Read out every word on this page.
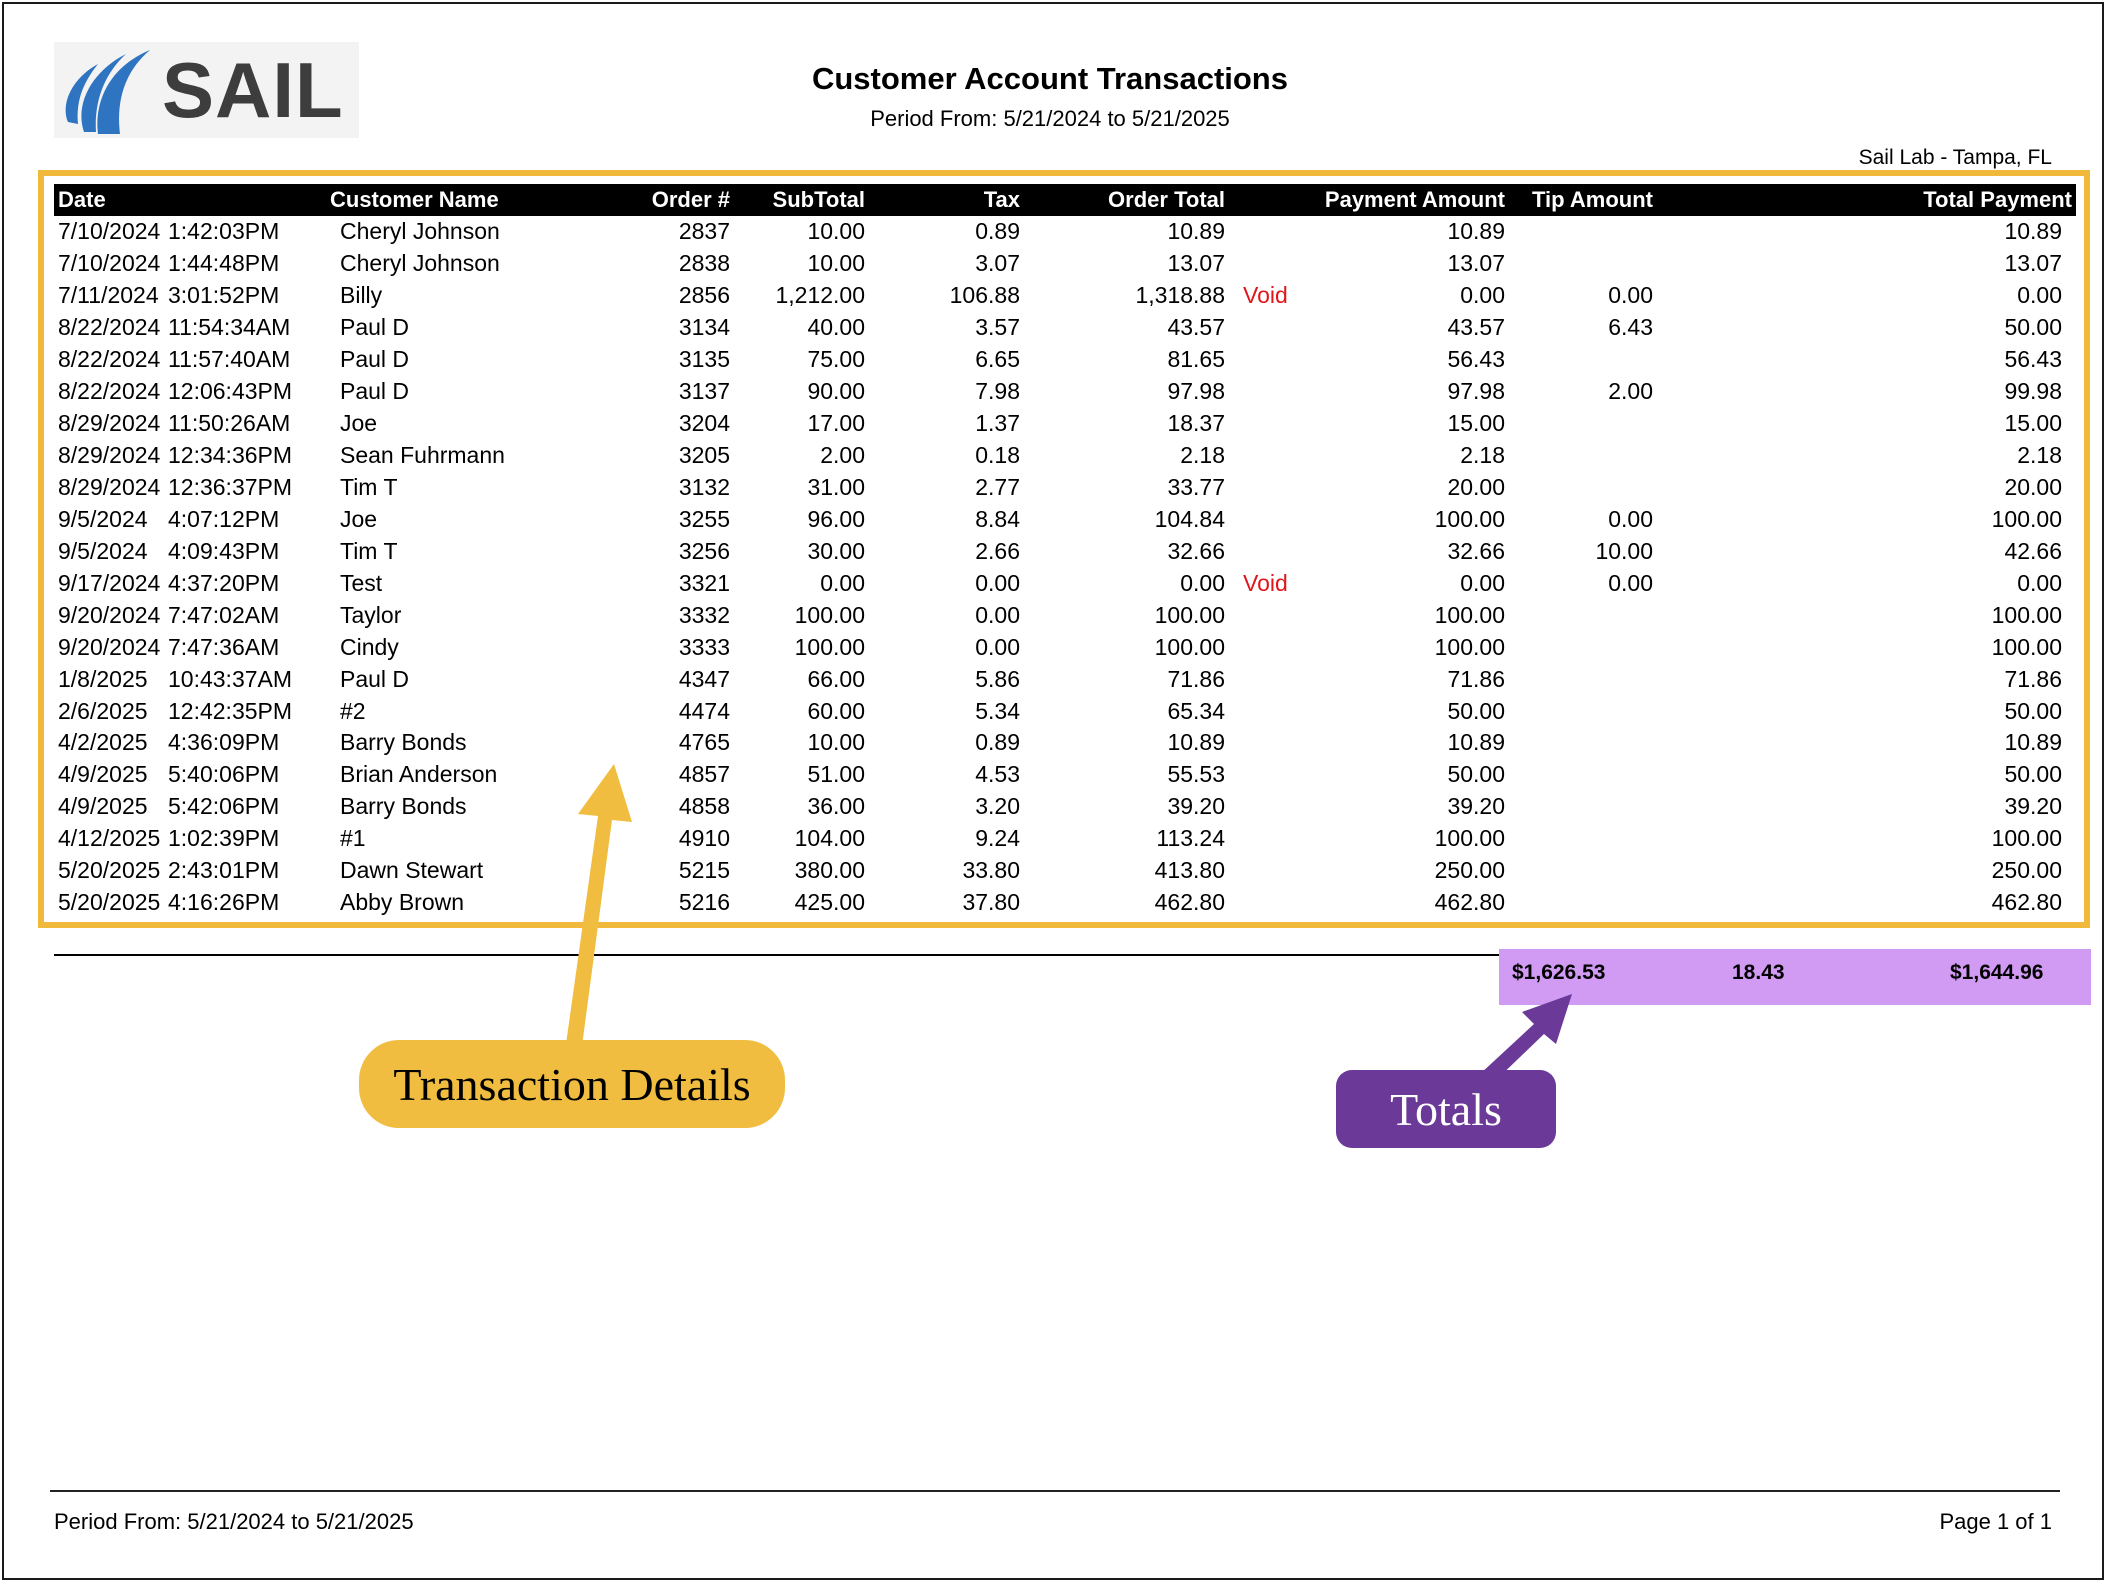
SAIL	Customer Account Transactions
Period From: 5/21/2024 to 5/21/2025
Sail Lab - Tampa, FL
Date		Customer Name	Order #	SubTotal	Tax	Order Total	Payment Amount		Tip Amount	Total Payment	
7/10/2024	1:42:03PM	Cheryl Johnson	2837	10.00	0.89	10.89		10.89			10.89
7/10/2024	1:44:48PM	Cheryl Johnson	2838	10.00	3.07	13.07		13.07			13.07
7/11/2024	3:01:52PM	Billy	2856	1,212.00	106.88	1,318.88	Void	0.00	0.00		0.00
8/22/2024	11:54:34AM	Paul D	3134	40.00	3.57	43.57		43.57	6.43		50.00
8/22/2024	11:57:40AM	Paul D	3135	75.00	6.65	81.65		56.43			56.43
8/22/2024	12:06:43PM	Paul D	3137	90.00	7.98	97.98		97.98	2.00		99.98
8/29/2024	11:50:26AM	Joe	3204	17.00	1.37	18.37		15.00			15.00
8/29/2024	12:34:36PM	Sean Fuhrmann	3205	2.00	0.18	2.18		2.18			2.18
8/29/2024	12:36:37PM	Tim T	3132	31.00	2.77	33.77		20.00			20.00
9/5/2024	4:07:12PM	Joe	3255	96.00	8.84	104.84		100.00	0.00		100.00
9/5/2024	4:09:43PM	Tim T	3256	30.00	2.66	32.66		32.66	10.00		42.66
9/17/2024	4:37:20PM	Test	3321	0.00	0.00	0.00	Void	0.00	0.00		0.00
9/20/2024	7:47:02AM	Taylor	3332	100.00	0.00	100.00		100.00			100.00
9/20/2024	7:47:36AM	Cindy	3333	100.00	0.00	100.00		100.00			100.00
1/8/2025	10:43:37AM	Paul D	4347	66.00	5.86	71.86		71.86			71.86
2/6/2025	12:42:35PM	#2	4474	60.00	5.34	65.34		50.00			50.00
4/2/2025	4:36:09PM	Barry Bonds	4765	10.00	0.89	10.89		10.89			10.89
4/9/2025	5:40:06PM	Brian Anderson	4857	51.00	4.53	55.53		50.00			50.00
4/9/2025	5:42:06PM	Barry Bonds	4858	36.00	3.20	39.20		39.20			39.20
4/12/2025	1:02:39PM	#1	4910	104.00	9.24	113.24		100.00			100.00
5/20/2025	2:43:01PM	Dawn Stewart	5215	380.00	33.80	413.80		250.00			250.00
5/20/2025	4:16:26PM	Abby Brown	5216	425.00	37.80	462.80		462.80			462.80
$1,626.53	18.43	$1,644.96
Transaction Details	Totals
Period From: 5/21/2024 to 5/21/2025	Page 1 of 1
